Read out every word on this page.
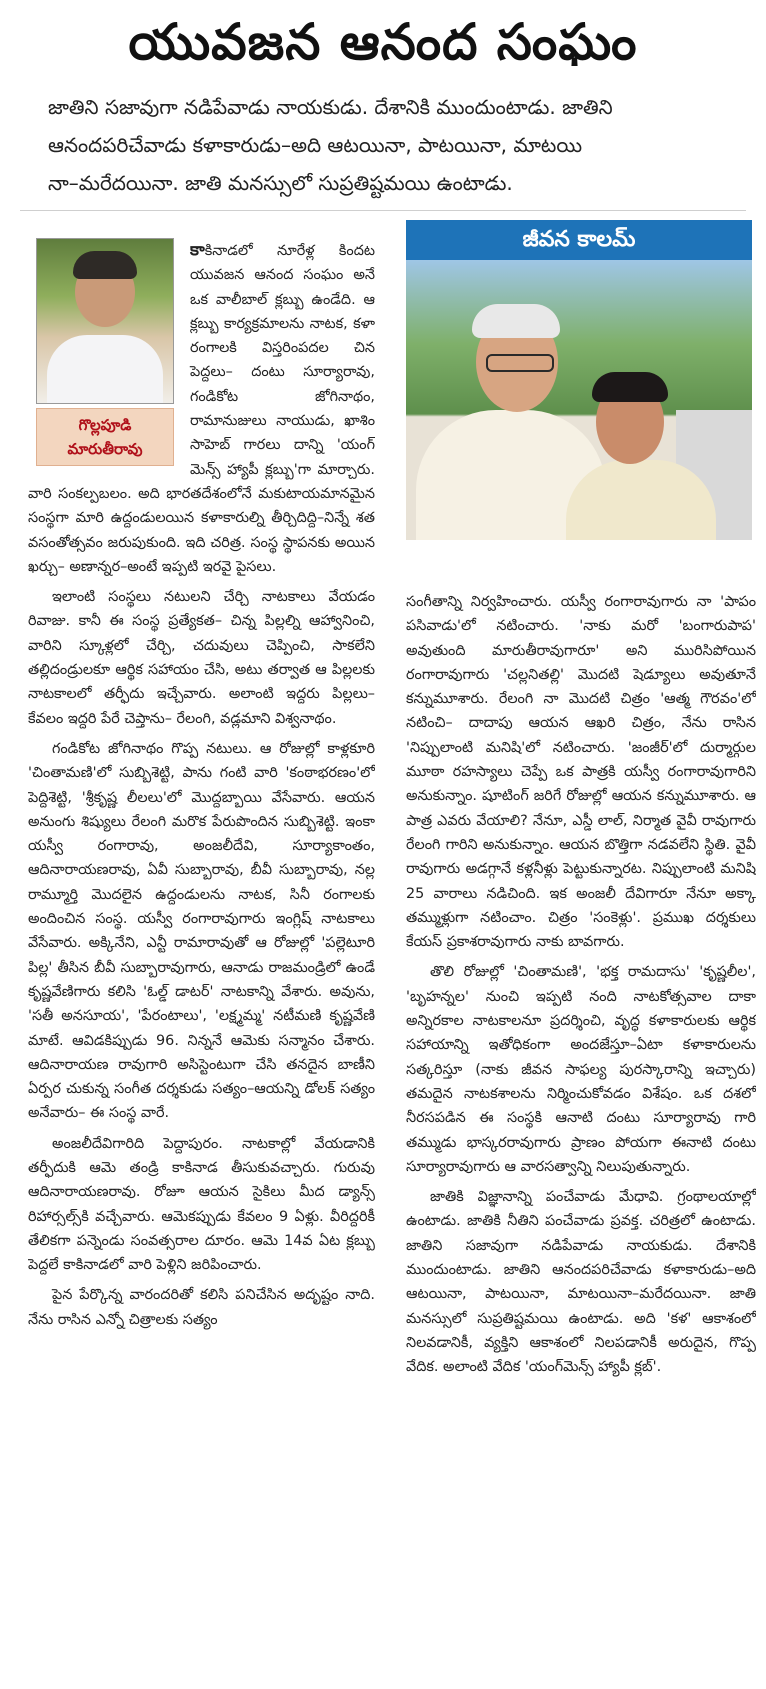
యువజన ఆనంద సంఘం

జాతిని సజావుగా నడిపేవాడు నాయకుడు. దేశానికి ముందుంటాడు. జాతిని

ఆనందపరిచేవాడు కళాకారుడు–అది ఆటయినా, పాటయినా, మాటయి

నా–మరేదయినా. జాతి మనస్సులో సుప్రతిష్టమయి ఉంటాడు.

గొల్లపూడి
మారుతీరావు

కాకినాడలో నూరేళ్ల కిందట యువజన ఆనంద సంఘం అనే ఒక వాలీబాల్ క్లబ్బు ఉండేది. ఆ క్లబ్బు కార్యక్రమాలను నాటక, కళా రంగాలకి విస్తరింపదల చిన పెద్దలు– దంటు సూర్యారావు, గండికోట జోగినాథం, రామానుజులు నాయుడు, ఖాశిం సాహెబ్ గారలు దాన్ని 'యంగ్ మెన్స్ హ్యాపీ క్లబ్బు'గా మార్చారు. వారి సంకల్పబలం. అది భారతదేశంలోనే మకుటాయమానమైన సంస్థగా మారి ఉద్దండులయిన కళాకారుల్ని తీర్చిదిద్ది–నిన్నే శత వసంతోత్సవం జరుపుకుంది. ఇది చరిత్ర. సంస్థ స్థాపనకు అయిన ఖర్చు– అణాన్నర–అంటే ఇప్పటి ఇరవై పైసలు.

ఇలాంటి సంస్థలు నటులని చేర్చి నాటకాలు వేయడం రివాజు. కానీ ఈ సంస్థ ప్రత్యేకత– చిన్న పిల్లల్ని ఆహ్వానించి, వారిని స్కూళ్లలో చేర్చి, చదువులు చెప్పించి, సాకలేని తల్లిదండ్రులకూ ఆర్థిక సహాయం చేసి, అటు తర్వాత ఆ పిల్లలకు నాటకాలలో తర్ఫీదు ఇచ్చేవారు. అలాంటి ఇద్దరు పిల్లలు– కేవలం ఇద్దరి పేరే చెప్తాను– రేలంగి, వడ్లమాని విశ్వనాథం.

గండికోట జోగినాథం గొప్ప నటులు. ఆ రోజుల్లో కాళ్లకూరి 'చింతామణి'లో సుబ్బిశెట్టి, పాను గంటి వారి 'కంఠాభరణం'లో పెద్దిశెట్టి, 'శ్రీకృష్ణ లీలలు'లో మొద్దబ్బాయి వేసేవారు. ఆయన అనుంగు శిష్యులు రేలంగి మరొక పేరుపొందిన సుబ్బిశెట్టి. ఇంకా యస్వీ రంగారావు, అంజలీదేవి, సూర్యాకాంతం, ఆదినారాయణరావు, ఏవీ సుబ్బారావు, బీవీ సుబ్బారావు, నల్ల రామ్మూర్తి మొదలైన ఉద్దండులను నాటక, సినీ రంగాలకు అందించిన సంస్థ. యస్వీ రంగారావుగారు ఇంగ్లిష్ నాటకాలు వేసేవారు. అక్కినేని, ఎన్టీ రామారావుతో ఆ రోజుల్లో 'పల్లెటూరి పిల్ల' తీసిన బీవీ సుబ్బారావుగారు, ఆనాడు రాజమండ్రిలో ఉండే కృష్ణవేణిగారు కలిసి 'ఓల్డ్ డాటర్' నాటకాన్ని వేశారు. అవును, 'సతీ అనసూయ', 'పేరంటాలు', 'లక్ష్మమ్మ' నటీమణి కృష్ణవేణి మాటే. ఆవిడకిప్పుడు 96. నిన్ననే ఆమెకు సన్మానం చేశారు. ఆదినారాయణ రావుగారి అసిస్టెంటుగా చేసి తనదైన బాణీని ఏర్పర చుకున్న సంగీత దర్శకుడు సత్యం–ఆయన్ని డోలక్ సత్యం అనేవారు– ఈ సంస్థ వారే.

అంజలీదేవిగారిది పెద్దాపురం. నాటకాల్లో వేయడానికి తర్ఫీదుకి ఆమె తండ్రి కాకినాడ తీసుకువచ్చారు. గురువు ఆదినారాయణరావు. రోజూ ఆయన సైకిలు మీద డ్యాన్స్ రిహార్సల్స్‌కి వచ్చేవారు. ఆమెకప్పుడు కేవలం 9 ఏళ్లు. వీరిద్దరికీ తేలికగా పన్నెండు సంవత్సరాల దూరం. ఆమె 14వ ఏట క్లబ్బు పెద్దలే కాకినాడలో వారి పెళ్లిని జరిపించారు.

పైన పేర్కొన్న వారందరితో కలిసి పనిచేసిన అదృష్టం నాది. నేను రాసిన ఎన్నో చిత్రాలకు సత్యం

జీవన కాలమ్

సంగీతాన్ని నిర్వహించారు. యస్వీ రంగారావుగారు నా 'పాపం పసివాడు'లో నటించారు. 'నాకు మరో 'బంగారుపాప' అవుతుంది మారుతీరావుగారూ' అని మురిసిపోయిన రంగారావుగారు 'చల్లనితల్లి' మొదటి షెడ్యూలు అవుతూనే కన్నుమూశారు. రేలంగి నా మొదటి చిత్రం 'ఆత్మ గౌరవం'లో నటించి– దాదాపు ఆయన ఆఖరి చిత్రం, నేను రాసిన 'నిప్పులాంటి మనిషి'లో నటించారు. 'జంజీర్'లో దుర్మార్గుల మూఠా రహస్యాలు చెప్పే ఒక పాత్రకి యస్వీ రంగారావుగారిని అనుకున్నాం. షూటింగ్ జరిగే రోజుల్లో ఆయన కన్నుమూశారు. ఆ పాత్ర ఎవరు వేయాలి? నేనూ, ఎస్డీ లాల్, నిర్మాత వైవీ రావుగారు రేలంగి గారిని అనుకున్నాం. ఆయన బొత్తిగా నడవలేని స్థితి. వైవీ రావుగారు అడగ్గానే కళ్లనీళ్లు పెట్టుకున్నారట. నిప్పులాంటి మనిషి 25 వారాలు నడిచింది. ఇక అంజలీ దేవిగారూ నేనూ అక్కా తమ్ముళ్లుగా నటించాం. చిత్రం 'సంకెళ్లు'. ప్రముఖ దర్శకులు కేయస్ ప్రకాశరావుగారు నాకు బావగారు.

తొలి రోజుల్లో 'చింతామణి', 'భక్త రామదాసు' 'కృష్ణలీల', 'బృహన్నల' నుంచి ఇప్పటి నంది నాటకోత్సవాల దాకా అన్నిరకాల నాటకాలనూ ప్రదర్శించి, వృద్ధ కళాకారులకు ఆర్థిక సహాయాన్ని ఇతోధికంగా అందజేస్తూ–ఏటా కళాకారులను సత్కరిస్తూ (నాకు జీవన సాఫల్య పురస్కారాన్ని ఇచ్చారు) తమదైన నాటకశాలను నిర్మించుకోవడం విశేషం. ఒక దశలో నీరసపడిన ఈ సంస్థకి ఆనాటి దంటు సూర్యారావు గారి తమ్ముడు భాస్కరరావుగారు ప్రాణం పోయగా ఈనాటి దంటు సూర్యారావుగారు ఆ వారసత్వాన్ని నిలుపుతున్నారు.

జాతికి విజ్ఞానాన్ని పంచేవాడు మేధావి. గ్రంథాలయాల్లో ఉంటాడు. జాతికి నీతిని పంచేవాడు ప్రవక్త. చరిత్రలో ఉంటాడు. జాతిని సజావుగా నడిపేవాడు నాయకుడు. దేశానికి ముందుంటాడు. జాతిని ఆనందపరిచేవాడు కళాకారుడు–అది ఆటయినా, పాటయినా, మాటయినా–మరేదయినా. జాతి మనస్సులో సుప్రతిష్టమయి ఉంటాడు. అది 'కళ' ఆకాశంలో నిలవడానికీ, వ్యక్తిని ఆకాశంలో నిలపడానికీ అరుదైన, గొప్ప వేదిక. అలాంటి వేదిక 'యంగ్‌మెన్స్ హ్యాపీ క్లబ్'.
